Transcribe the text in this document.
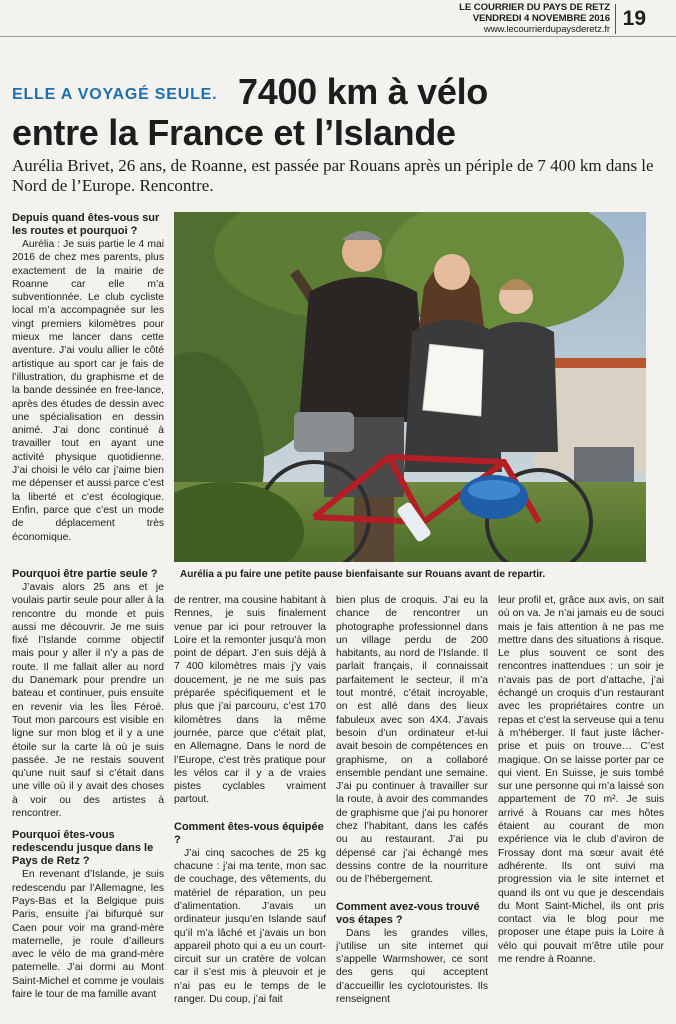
LE COURRIER DU PAYS DE RETZ
VENDREDI 4 NOVEMBRE 2016
www.lecourrierdupaysderetz.fr 19
ELLE A VOYAGÉ SEULE. 7400 km à vélo
entre la France et l’Islande
Aurélia Brivet, 26 ans, de Roanne, est passée par Rouans après un périple de 7 400 km dans le Nord de l’Europe. Rencontre.
Depuis quand êtes-vous sur les routes et pourquoi ?

Aurélia : Je suis partie le 4 mai 2016 de chez mes parents, plus exactement de la mairie de Roanne car elle m’a subventionnée. Le club cycliste local m’a accompagnée sur les vingt premiers kilomètres pour mieux me lancer dans cette aventure. J’ai voulu allier le côté artistique au sport car je fais de l’illustration, du graphisme et de la bande dessinée en free-lance, après des études de dessin avec une spécialisation en dessin animé. J’ai donc continué à travailler tout en ayant une activité physique quotidienne. J’ai choisi le vélo car j’aime bien me dépenser et aussi parce c’est la liberté et c’est écologique. Enfin, parce que c’est un mode de déplacement très économique.

Aurélia a pu faire une petite pause bienfaisante sur Rouans avant de repartir.
Pourquoi être partie seule ?

J’avais alors 25 ans et je voulais partir seule pour aller à la rencontre du monde et puis aussi me découvrir. Je me suis fixé l’Islande comme objectif mais pour y aller il n’y a pas de route. Il me fallait aller au nord du Danemark pour prendre un bateau et continuer, puis ensuite en revenir via les Îles Féroé. Tout mon parcours est visible en ligne sur mon blog et il y a une étoile sur la carte là où je suis passée. Je ne restais souvent qu’une nuit sauf si c’était dans une ville où il y avait des choses à voir ou des artistes à rencontrer.

Pourquoi êtes-vous redescendu jusque dans le Pays de Retz ?

En revenant d’Islande, je suis redescendu par l’Allemagne, les Pays-Bas et la Belgique puis Paris, ensuite j’ai bifurqué sur Caen pour voir ma grand-mère maternelle, je roule d’ailleurs avec le vélo de ma grand-mère paternelle. J’ai dormi au Mont Saint-Michel et comme je voulais faire le tour de ma famille avant

de rentrer, ma cousine habitant à Rennes, je suis finalement venue par ici pour retrouver la Loire et la remonter jusqu’à mon point de départ. J’en suis déjà à 7 400 kilomètres mais j’y vais doucement, je ne me suis pas préparée spécifiquement et le plus que j’ai parcouru, c’est 170 kilomètres dans la même journée, parce que c’était plat, en Allemagne. Dans le nord de l’Europe, c’est très pratique pour les vélos car il y a de vraies pistes cyclables vraiment partout.

Comment êtes-vous équipée ?

J’ai cinq sacoches de 25 kg chacune : j’ai ma tente, mon sac de couchage, des vêtements, du matériel de réparation, un peu d’alimentation. J’avais un ordinateur jusqu’en Islande sauf qu’il m’a lâché et j’avais un bon appareil photo qui a eu un court-circuit sur un cratère de volcan car il s’est mis à pleuvoir et je n’ai pas eu le temps de le ranger. Du coup, j’ai fait

bien plus de croquis. J’ai eu la chance de rencontrer un photographe professionnel dans un village perdu de 200 habitants, au nord de l’Islande. Il parlait français, il connaissait parfaitement le secteur, il m’a tout montré, c’était incroyable, on est allé dans des lieux fabuleux avec son 4X4. J’avais besoin d’un ordinateur et-lui avait besoin de compétences en graphisme, on a collaboré ensemble pendant une semaine. J’ai pu continuer à travailler sur la route, à avoir des commandes de graphisme que j’ai pu honorer chez l’habitant, dans les cafés ou au restaurant. J’ai pu dépensé car j’ai échangé mes dessins contre de la nourriture ou de l’hébergement.

Comment avez-vous trouvé vos étapes ?

Dans les grandes villes, j’utilise un site internet qui s’appelle Warmshower, ce sont des gens qui acceptent d’accueillir les cyclotouristes. Ils renseignent

leur profil et, grâce aux avis, on sait où on va. Je n’ai jamais eu de souci mais je fais attention à ne pas me mettre dans des situations à risque. Le plus souvent ce sont des rencontres inattendues : un soir je n’avais pas de port d’attache, j’ai échangé un croquis d’un restaurant avec les propriétaires contre un repas et c’est la serveuse qui a tenu à m’héberger. Il faut juste lâcher-prise et puis on trouve… C’est magique. On se laisse porter par ce qui vient. En Suisse, je suis tombé sur une personne qui m’a laissé son appartement de 70 m². Je suis arrivé à Rouans car mes hôtes étaient au courant de mon expérience via le club d’aviron de Frossay dont ma sœur avait été adhérente. Ils ont suivi ma progression via le site internet et quand ils ont vu que je descendais du Mont Saint-Michel, ils ont pris contact via le blog pour me proposer une étape puis la Loire à vélo qui pouvait m’être utile pour me rendre à Roanne.
